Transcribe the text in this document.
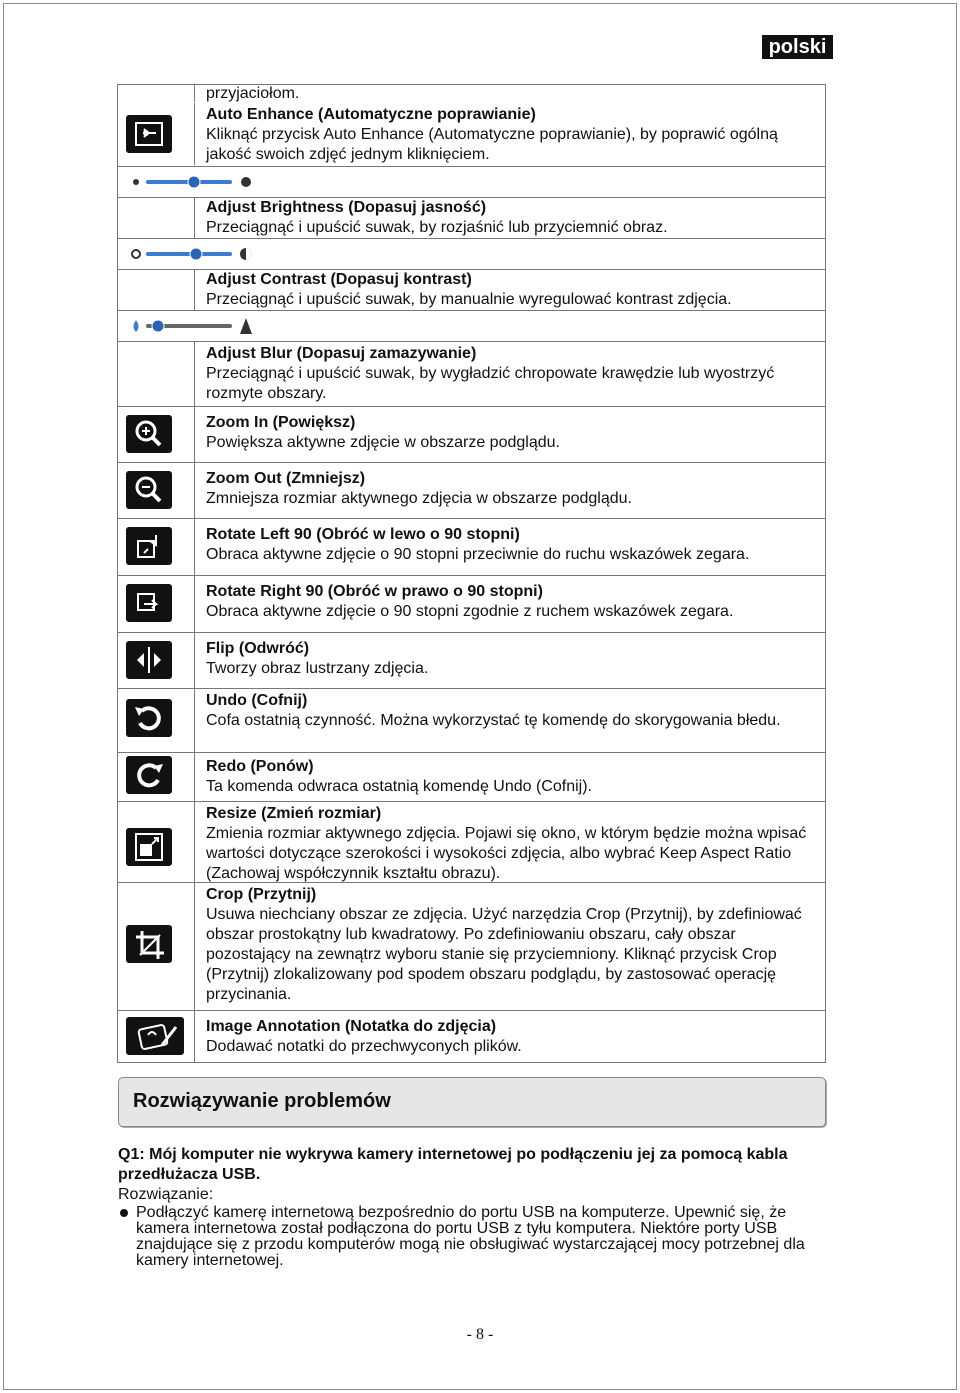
polski
przyjaciołom.
Auto Enhance (Automatyczne poprawianie)
Kliknąć przycisk Auto Enhance (Automatyczne poprawianie), by poprawić ogólną jakość swoich zdjęć jednym kliknięciem.
Adjust Brightness (Dopasuj jasność)
Przeciągnąć i upuścić suwak, by rozjaśnić lub przyciemnić obraz.
Adjust Contrast (Dopasuj kontrast)
Przeciągnąć i upuścić suwak, by manualnie wyregulować kontrast zdjęcia.
Adjust Blur (Dopasuj zamazywanie)
Przeciągnąć i upuścić suwak, by wygładzić chropowate krawędzie lub wyostrzyć rozmyte obszary.
Zoom In (Powiększ)
Powiększa aktywne zdjęcie w obszarze podglądu.
Zoom Out (Zmniejsz)
Zmniejsza rozmiar aktywnego zdjęcia w obszarze podglądu.
Rotate Left 90 (Obróć w lewo o 90 stopni)
Obraca aktywne zdjęcie o 90 stopni przeciwnie do ruchu wskazówek zegara.
Rotate Right 90 (Obróć w prawo o 90 stopni)
Obraca aktywne zdjęcie o 90 stopni zgodnie z ruchem wskazówek zegara.
Flip (Odwróć)
Tworzy obraz lustrzany zdjęcia.
Undo (Cofnij)
Cofa ostatnią czynność. Można wykorzystać tę komendę do skorygowania błedu.
Redo (Ponów)
Ta komenda odwraca ostatnią komendę Undo (Cofnij).
Resize (Zmień rozmiar)
Zmienia rozmiar aktywnego zdjęcia. Pojawi się okno, w którym będzie można wpisać wartości dotyczące szerokości i wysokości zdjęcia, albo wybrać Keep Aspect Ratio (Zachowaj współczynnik kształtu obrazu).
Crop (Przytnij)
Usuwa niechciany obszar ze zdjęcia. Użyć narzędzia Crop (Przytnij), by zdefiniować obszar prostokątny lub kwadratowy. Po zdefiniowaniu obszaru, cały obszar pozostający na zewnątrz wyboru stanie się przyciemniony. Kliknąć przycisk Crop (Przytnij) zlokalizowany pod spodem obszaru podglądu, by zastosować operację przycinania.
Image Annotation (Notatka do zdjęcia)
Dodawać notatki do przechwyconych plików.
Rozwiązywanie problemów
Q1: Mój komputer nie wykrywa kamery internetowej po podłączeniu jej za pomocą kabla przedłużacza USB.
Rozwiązanie:
Podłączyć kamerę internetową bezpośrednio do portu USB na komputerze. Upewnić się, że kamera internetowa został podłączona do portu USB z tyłu komputera. Niektóre porty USB znajdujące się z przodu komputerów mogą nie obsługiwać wystarczającej mocy potrzebnej dla kamery internetowej.
- 8 -
